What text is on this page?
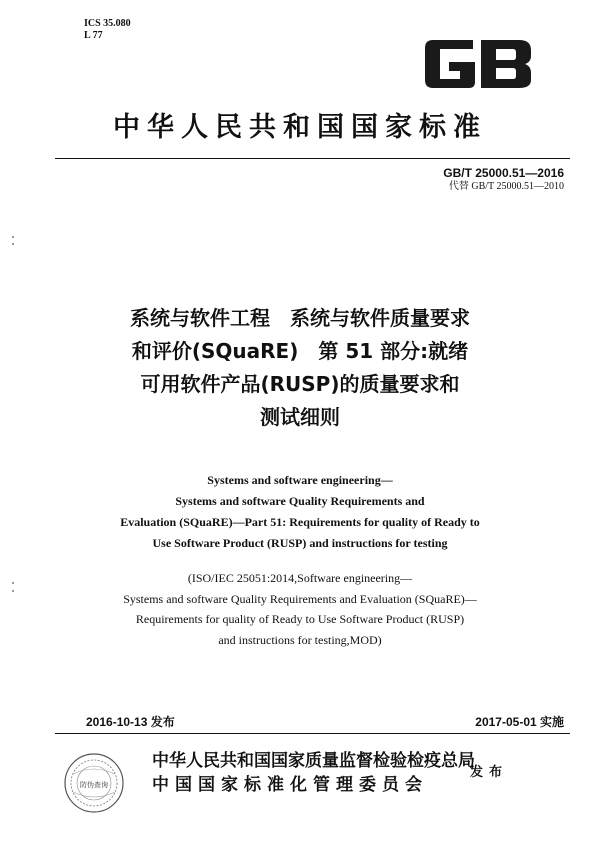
ICS 35.080
L 77
中华人民共和国国家标准
GB/T 25000.51—2016
代替 GB/T 25000.51—2010
系统与软件工程　系统与软件质量要求
和评价(SQuaRE)　第 51 部分:就绪
可用软件产品(RUSP)的质量要求和
测试细则
Systems and software engineering—
Systems and software Quality Requirements and
Evaluation (SQuaRE)—Part 51: Requirements for quality of Ready to
Use Software Product (RUSP) and instructions for testing
(ISO/IEC 25051:2014,Software engineering—
Systems and software Quality Requirements and Evaluation (SQuaRE)—
Requirements for quality of Ready to Use Software Product (RUSP)
and instructions for testing,MOD)
2016-10-13 发布	2017-05-01 实施
防伪查询
中华人民共和国国家质量监督检验检疫总局
中国国家标准化管理委员会
发布
